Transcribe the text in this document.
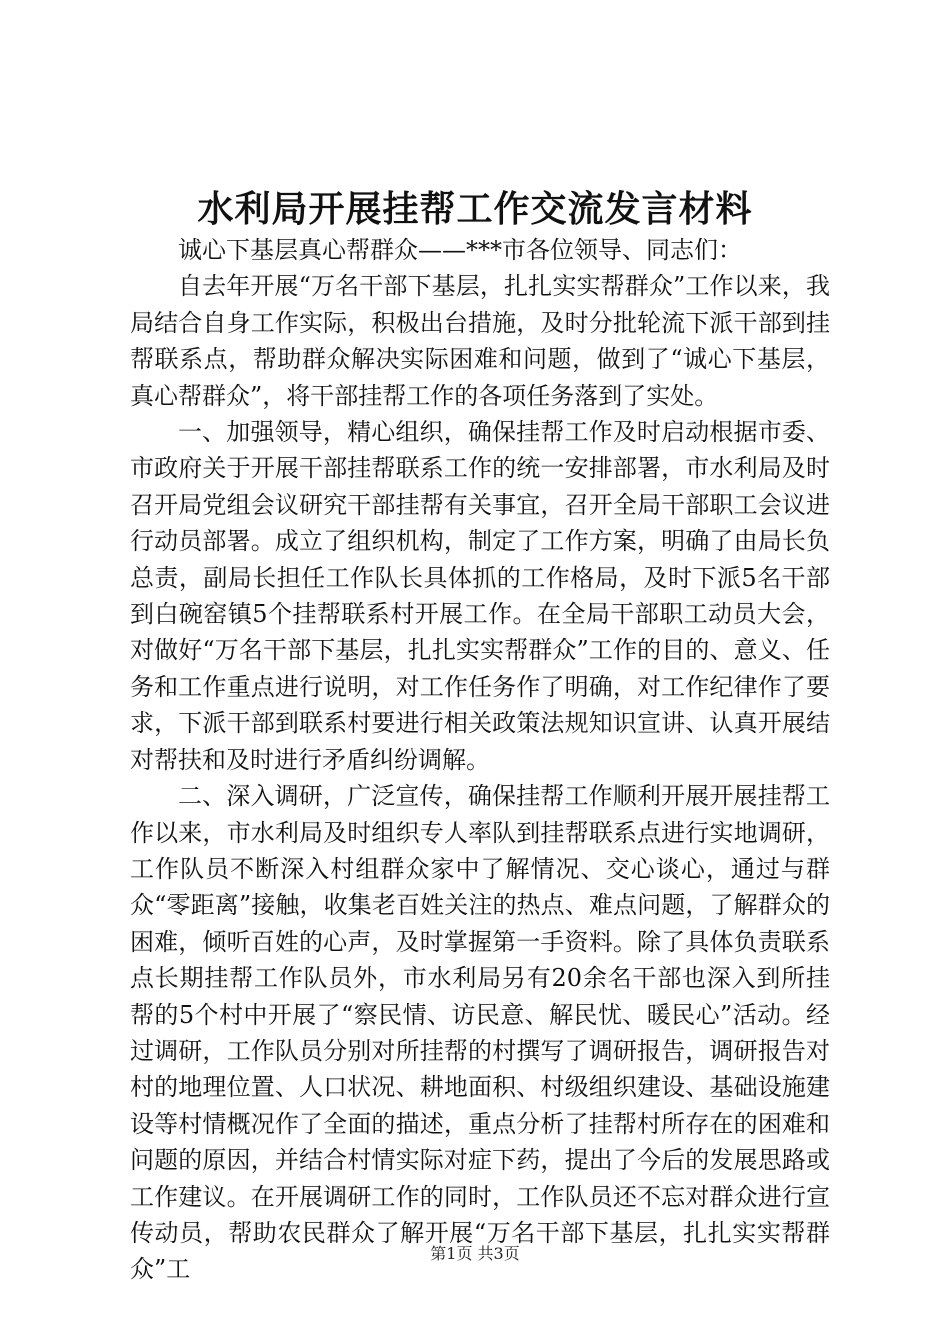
水利局开展挂帮工作交流发言材料

诚心下基层真心帮群众——***市各位领导、同志们：

自去年开展“万名干部下基层，扎扎实实帮群众”工作以来，我局结合自身工作实际，积极出台措施，及时分批轮流下派干部到挂帮联系点，帮助群众解决实际困难和问题，做到了“诚心下基层，真心帮群众”，将干部挂帮工作的各项任务落到了实处。

一、加强领导，精心组织，确保挂帮工作及时启动根据市委、市政府关于开展干部挂帮联系工作的统一安排部署，市水利局及时召开局党组会议研究干部挂帮有关事宜，召开全局干部职工会议进行动员部署。成立了组织机构，制定了工作方案，明确了由局长负总责，副局长担任工作队长具体抓的工作格局，及时下派5名干部到白碗窑镇5个挂帮联系村开展工作。在全局干部职工动员大会，对做好“万名干部下基层，扎扎实实帮群众”工作的目的、意义、任务和工作重点进行说明，对工作任务作了明确，对工作纪律作了要求，下派干部到联系村要进行相关政策法规知识宣讲、认真开展结对帮扶和及时进行矛盾纠纷调解。

二、深入调研，广泛宣传，确保挂帮工作顺利开展开展挂帮工作以来，市水利局及时组织专人率队到挂帮联系点进行实地调研，工作队员不断深入村组群众家中了解情况、交心谈心，通过与群众“零距离”接触，收集老百姓关注的热点、难点问题，了解群众的困难，倾听百姓的心声，及时掌握第一手资料。除了具体负责联系点长期挂帮工作队员外，市水利局另有20余名干部也深入到所挂帮的5个村中开展了“察民情、访民意、解民忧、暖民心”活动。经过调研，工作队员分别对所挂帮的村撰写了调研报告，调研报告对村的地理位置、人口状况、耕地面积、村级组织建设、基础设施建设等村情概况作了全面的描述，重点分析了挂帮村所存在的困难和问题的原因，并结合村情实际对症下药，提出了今后的发展思路或工作建议。在开展调研工作的同时，工作队员还不忘对群众进行宣传动员，帮助农民群众了解开展“万名干部下基层，扎扎实实帮群众”工

第1页 共3页
